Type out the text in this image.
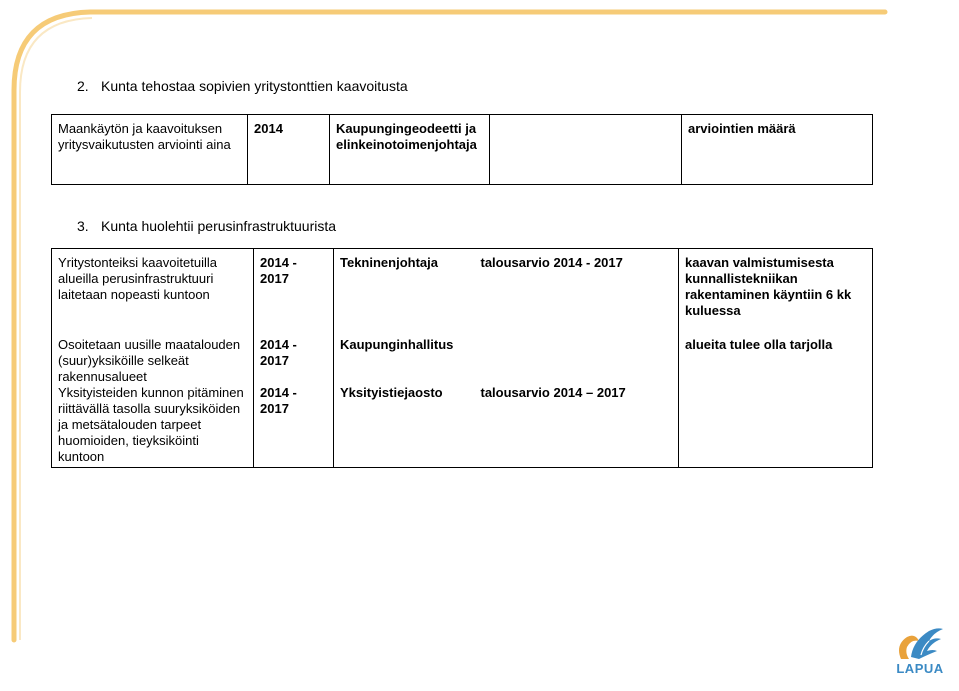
2. Kunta tehostaa sopivien yritystonttien kaavoitusta
Maankäytön ja kaavoituksen yritysvaikutusten arviointi aina	2014	Kaupungingeodeetti ja elinkeinotoimenjohtaja		arviointien määrä
3. Kunta huolehtii perusinfrastruktuurista
Yritystonteiksi kaavoitetuilla alueilla perusinfrastruktuuri laitetaan nopeasti kuntoon	2014 - 2017	Tekninenjohtaja	talousarvio 2014 - 2017	kaavan valmistumisesta kunnallistekniikan rakentaminen käyntiin 6 kk kuluessa
Osoitetaan uusille maatalouden (suur)yksiköille selkeät rakennusalueet	2014 - 2017	Kaupunginhallitus		alueita tulee olla tarjolla
Yksityisteiden kunnon pitäminen riittävällä tasolla suuryksiköiden ja metsätalouden tarpeet huomioiden, tieyksiköinti kuntoon	2014 - 2017	Yksityistiejaosto	talousarvio 2014 – 2017	
LAPUA
